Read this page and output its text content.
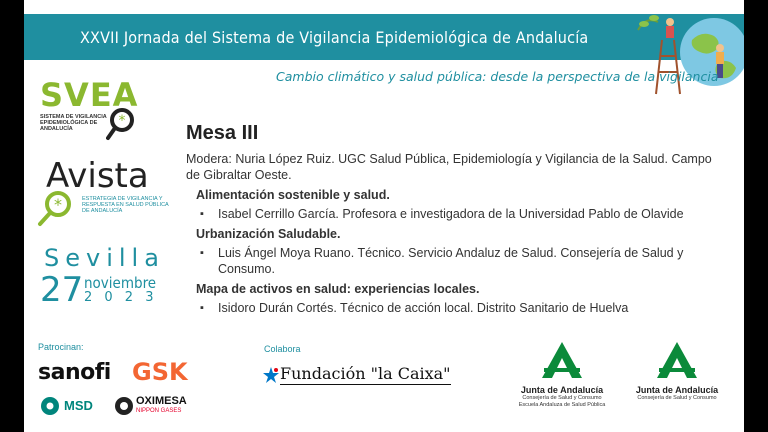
XXVII Jornada del Sistema de Vigilancia Epidemiológica de Andalucía
Cambio climático y salud pública: desde la perspectiva de la vigilancia
SVEA
*
SISTEMA DE VIGILANCIA EPIDEMIOLÓGICA DE ANDALUCÍA
Avista
*	ESTRATEGIA DE VIGILANCIA Y RESPUESTA EN SALUD PÚBLICA DE ANDALUCÍA
Sevilla
27 noviembre
2 0 2 3
Mesa III

Modera: Nuria López Ruiz. UGC Salud Pública, Epidemiología y Vigilancia de la Salud. Campo de Gibraltar Oeste.

Alimentación sostenible y salud.
▪ Isabel Cerrillo García. Profesora e investigadora de la Universidad Pablo de Olavide
Urbanización Saludable.
▪ Luis Ángel Moya Ruano. Técnico. Servicio Andaluz de Salud. Consejería de Salud y Consumo.
Mapa de activos en salud: experiencias locales.
▪ Isidoro Durán Cortés. Técnico de acción local. Distrito Sanitario de Huelva
Patrocinan:	Colabora
sanofi GSK
MSD	OXIMESA
NIPPON GASES
Fundación "la Caixa"
Junta de Andalucía
Consejería de Salud y Consumo
Escuela Andaluza de Salud Pública
Junta de Andalucía
Consejería de Salud y Consumo
